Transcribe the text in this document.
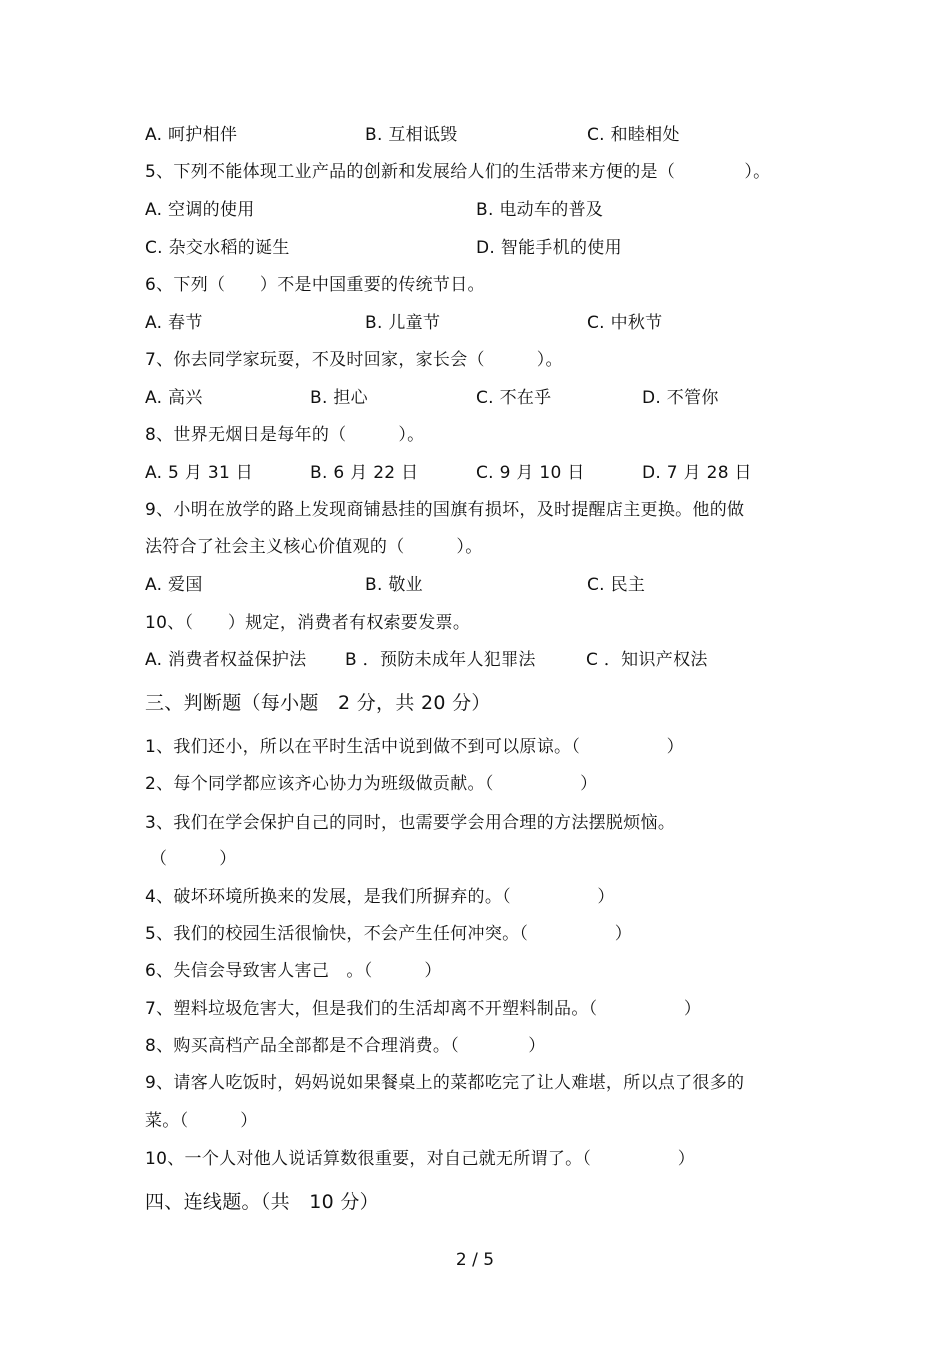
A. 呵护相伴	B. 互相诋毁	C. 和睦相处
5、下列不能体现工业产品的创新和发展给人们的生活带来方便的是（　　　　）。
A. 空调的使用	B. 电动车的普及
C. 杂交水稻的诞生	D. 智能手机的使用
6、下列（　　）不是中国重要的传统节日。
A. 春节	B. 儿童节	C. 中秋节
7、你去同学家玩耍，不及时回家，家长会（　　　）。
A. 高兴	B. 担心	C. 不在乎	D. 不管你
8、世界无烟日是每年的（　　　）。
A. 5 月 31 日	B. 6 月 22 日	C. 9 月 10 日	D. 7 月 28 日
9、小明在放学的路上发现商铺悬挂的国旗有损坏，及时提醒店主更换。他的做
法符合了社会主义核心价值观的（　　　）。
A. 爱国	B. 敬业	C. 民主
10、（　　）规定，消费者有权索要发票。
A. 消费者权益保护法 B ．预防未成年人犯罪法	C ．知识产权法
三、判断题（每小题　2 分，共 20 分）
1、我们还小，所以在平时生活中说到做不到可以原谅。（　　　　　）
2、每个同学都应该齐心协力为班级做贡献。（　　　　　）
3、我们在学会保护自己的同时，也需要学会用合理的方法摆脱烦恼。
（　　　）
4、破坏环境所换来的发展，是我们所摒弃的。（　　　　　）
5、我们的校园生活很愉快，不会产生任何冲突。（　　　　　）
6、失信会导致害人害己　。（　　　）
7、塑料垃圾危害大，但是我们的生活却离不开塑料制品。（　　　　　）
8、购买高档产品全部都是不合理消费。（　　　　）
9、请客人吃饭时，妈妈说如果餐桌上的菜都吃完了让人难堪，所以点了很多的
菜。（　　　）
10、一个人对他人说话算数很重要，对自己就无所谓了。（　　　　　）
四、连线题。（共　10 分）
2 / 5
